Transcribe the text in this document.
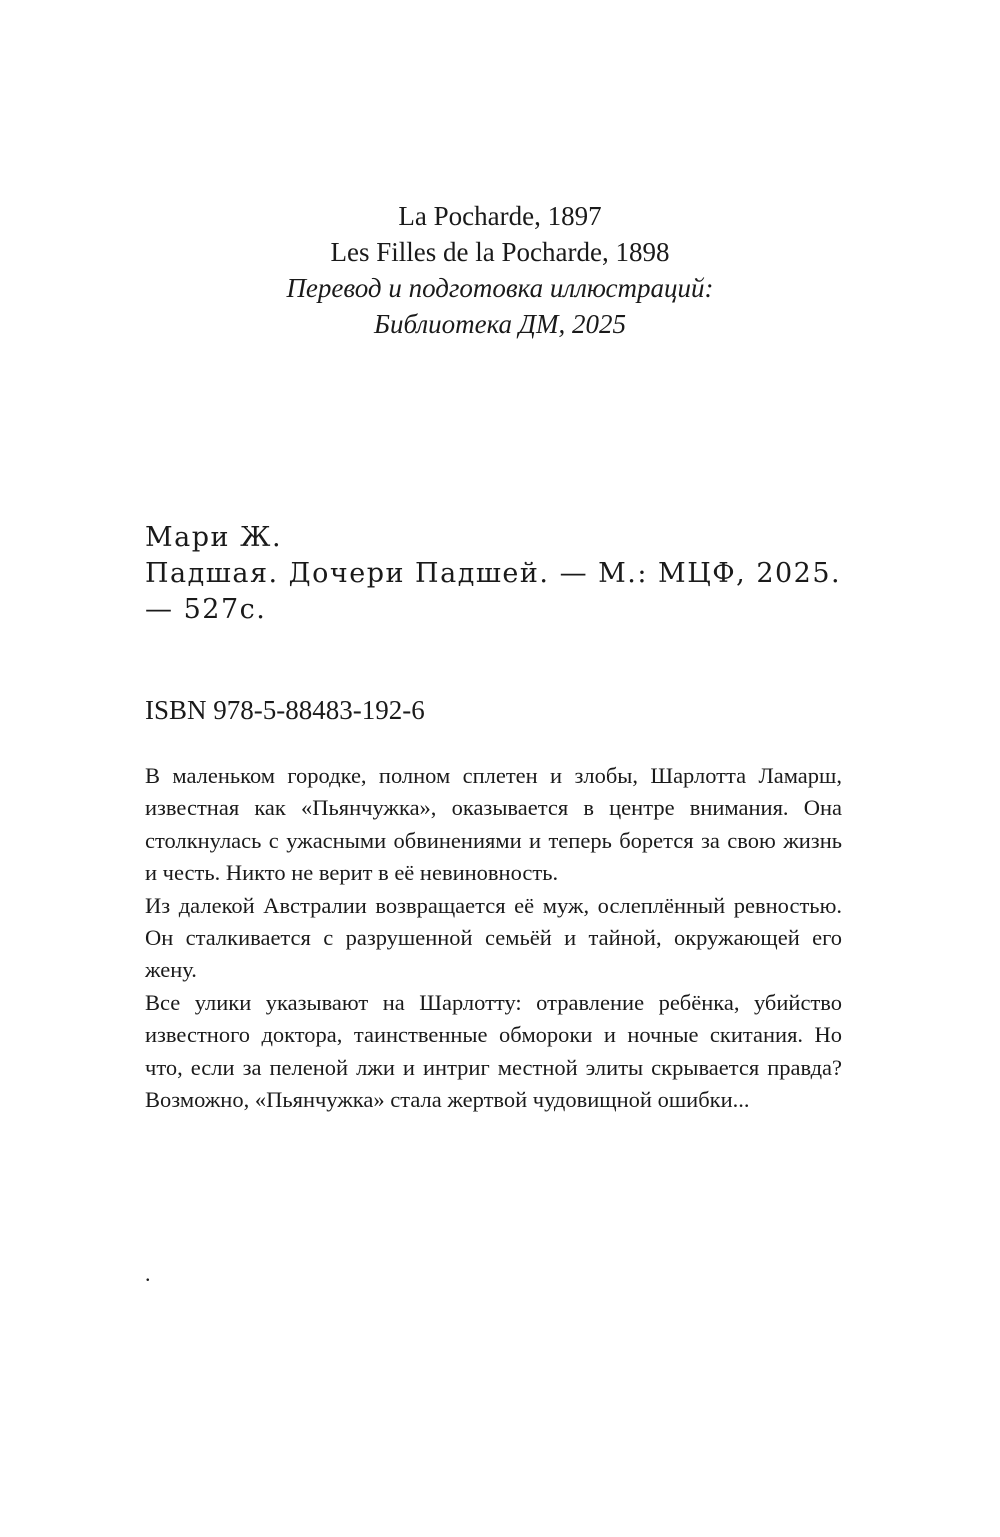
La Pocharde, 1897
Les Filles de la Pocharde, 1898
Перевод и подготовка иллюстраций:
Библиотека ДМ, 2025
Мари Ж.
Падшая. Дочери Падшей. — М.: МЦФ, 2025.
— 527с.
ISBN 978-5-88483-192-6

В маленьком городке, полном сплетен и злобы, Шарлотта Ламарш, известная как «Пьянчужка», оказывается в центре внимания. Она столкнулась с ужасными обвинениями и теперь борется за свою жизнь и честь. Никто не верит в её невиновность.

Из далекой Австралии возвращается её муж, ослеплённый ревностью. Он сталкивается с разрушенной семьёй и тайной, окружающей его жену.

Все улики указывают на Шарлотту: отравление ребёнка, убийство известного доктора, таинственные обмороки и ночные скитания. Но что, если за пеленой лжи и интриг местной элиты скрывается правда? Возможно, «Пьянчужка» стала жертвой чудовищной ошибки...

.
